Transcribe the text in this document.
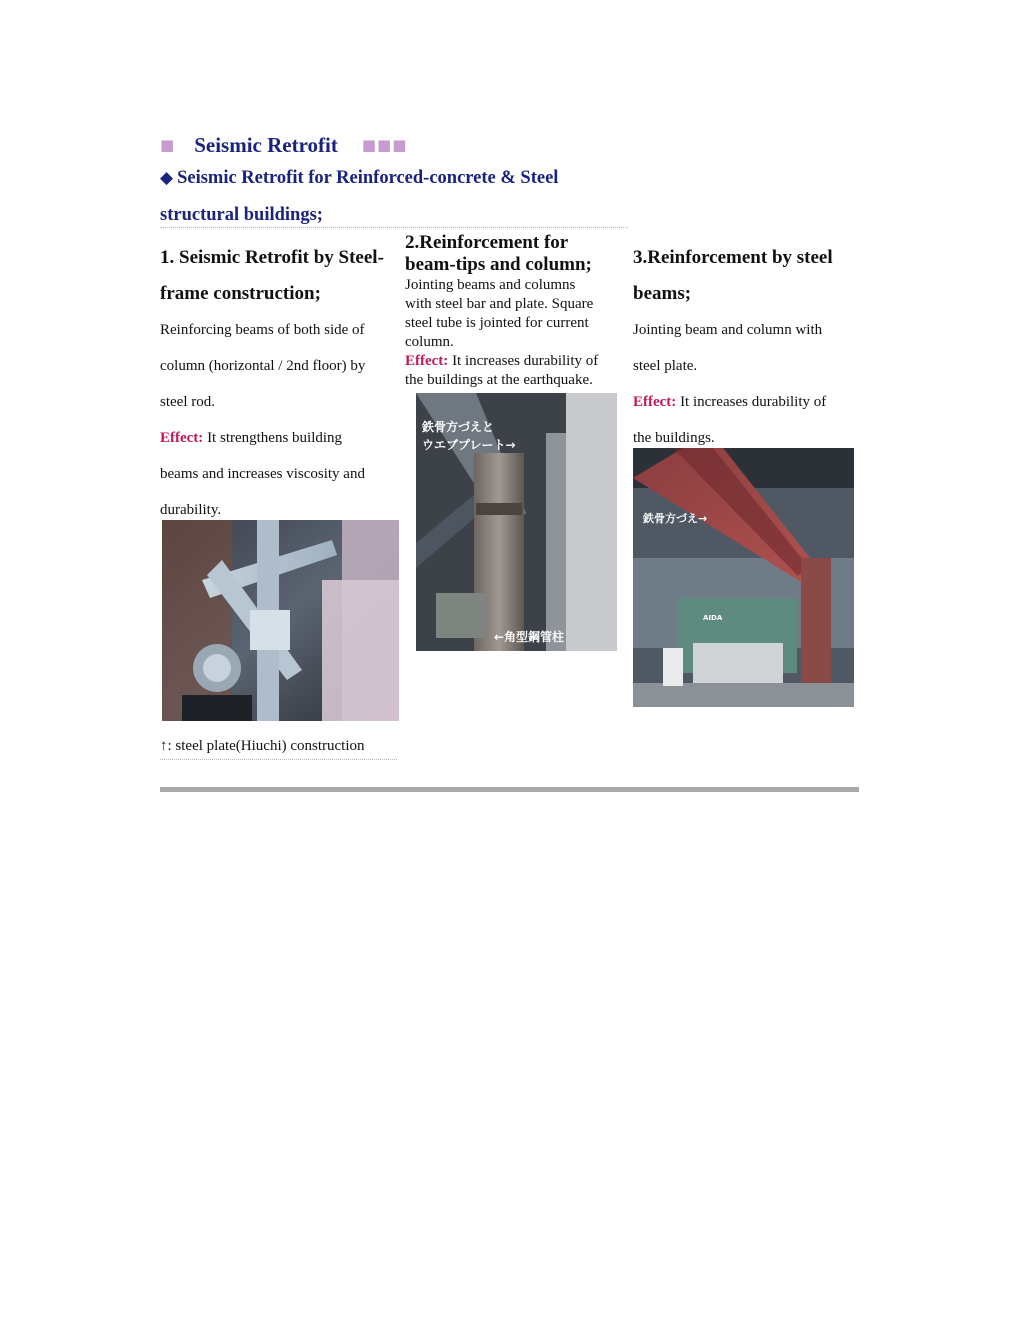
■ Seismic Retrofit ■■■
◆ Seismic Retrofit for Reinforced-concrete & Steel
structural buildings;

1. Seismic Retrofit by Steel-

frame construction;

Reinforcing beams of both side of

column (horizontal / 2nd floor) by

steel rod.

Effect: It strengthens building

beams and increases viscosity and

durability.

↑: steel plate(Hiuchi) construction

2.Reinforcement for

beam-tips and column;

Jointing beams and columns

with steel bar and plate. Square

steel tube is jointed for current

column.

Effect: It increases durability of

the buildings at the earthquake.

鉄骨方づえと
ウエブプレート→
←角型鋼管柱

3.Reinforcement by steel

beams;

Jointing beam and column with

steel plate.

Effect: It increases durability of

the buildings.

AIDA
鉄骨方づえ→
